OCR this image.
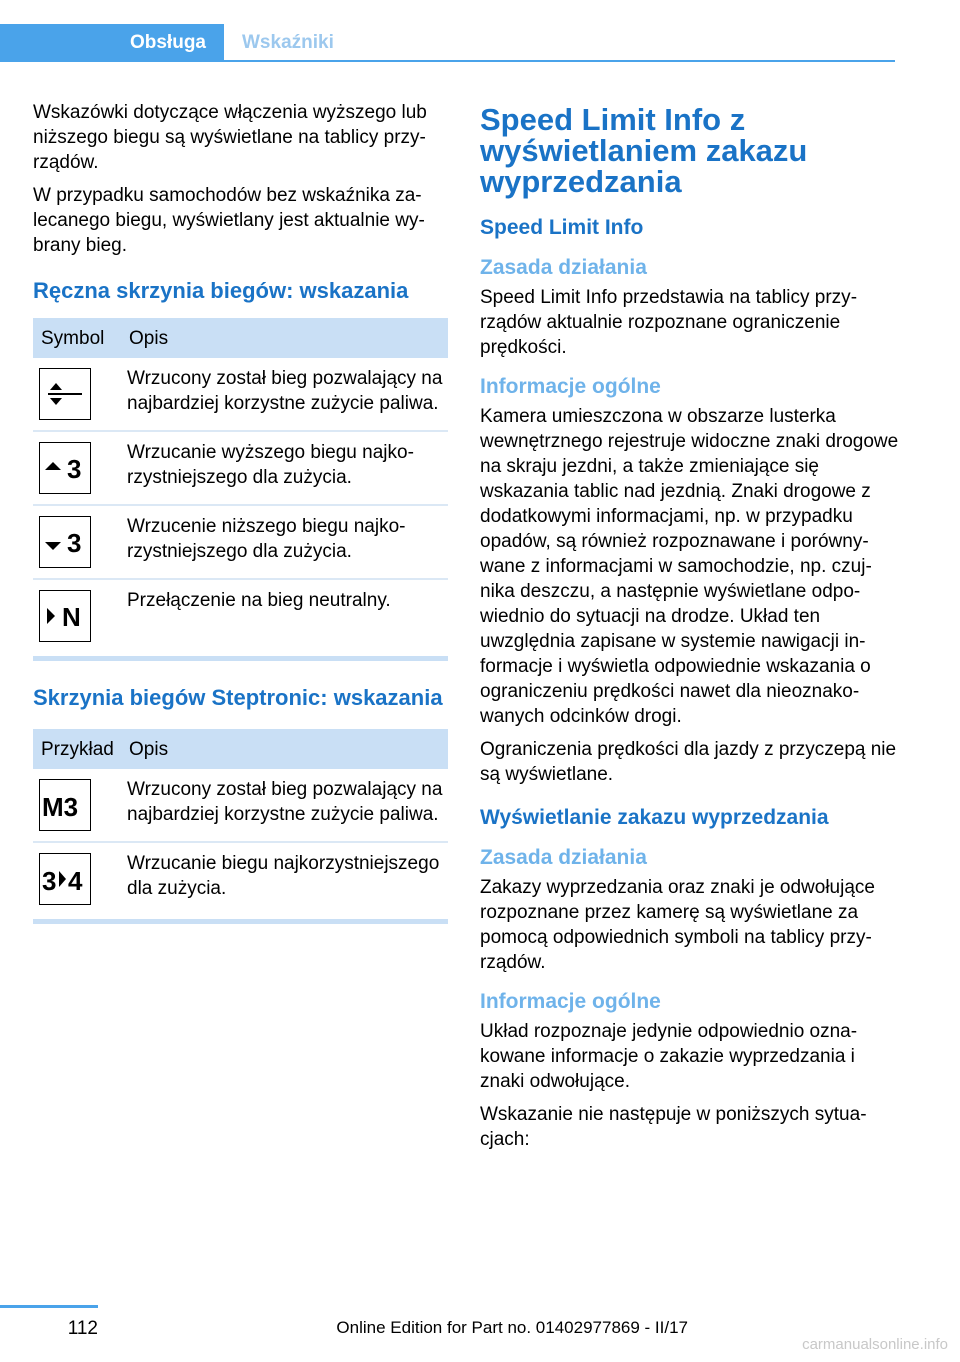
Obsługa	Wskaźniki

Wskazówki dotyczące włączenia wyższego lub niższego biegu są wyświetlane na tablicy przyrządów.

W przypadku samochodów bez wskaźnika zalecanego biegu, wyświetlany jest aktualnie wybrany bieg.

Ręczna skrzynia biegów: wskazania
Symbol	Opis

	Wrzucony został bieg pozwalający na najbardziej korzystne zużycie paliwa.

3	Wrzucanie wyższego biegu najkorzystniejszego dla zużycia.

3	Wrzucenie niższego biegu najkorzystniejszego dla zużycia.

N	Przełączenie na bieg neutralny.
Skrzynia biegów Steptronic: wskazania
Przykład	Opis

M3	Wrzucony został bieg pozwalający na najbardziej korzystne zużycie paliwa.

3 4	Wrzucanie biegu najkorzystniejszego dla zużycia.
Speed Limit Info z wyświetlaniem zakazu wyprzedzania
Speed Limit Info
Zasada działania

Speed Limit Info przedstawia na tablicy przyrządów aktualnie rozpoznane ograniczenie prędkości.

Informacje ogólne

Kamera umieszczona w obszarze lusterka wewnętrznego rejestruje widoczne znaki drogowe na skraju jezdni, a także zmieniające się wskazania tablic nad jezdnią. Znaki drogowe z dodatkowymi informacjami, np. w przypadku opadów, są również rozpoznawane i porównywane z informacjami w samochodzie, np. czujnika deszczu, a następnie wyświetlane odpowiednio do sytuacji na drodze. Układ ten uwzględnia zapisane w systemie nawigacji informacje i wyświetla odpowiednie wskazania o ograniczeniu prędkości nawet dla nieoznakowanych odcinków drogi.

Ograniczenia prędkości dla jazdy z przyczepą nie są wyświetlane.

Wyświetlanie zakazu wyprzedzania
Zasada działania

Zakazy wyprzedzania oraz znaki je odwołujące rozpoznane przez kamerę są wyświetlane za pomocą odpowiednich symboli na tablicy przyrządów.

Informacje ogólne

Układ rozpoznaje jedynie odpowiednio oznakowane informacje o zakazie wyprzedzania i znaki odwołujące.

Wskazanie nie następuje w poniższych sytuacjach:

112	Online Edition for Part no. 01402977869 - II/17
carmanualsonline.info
